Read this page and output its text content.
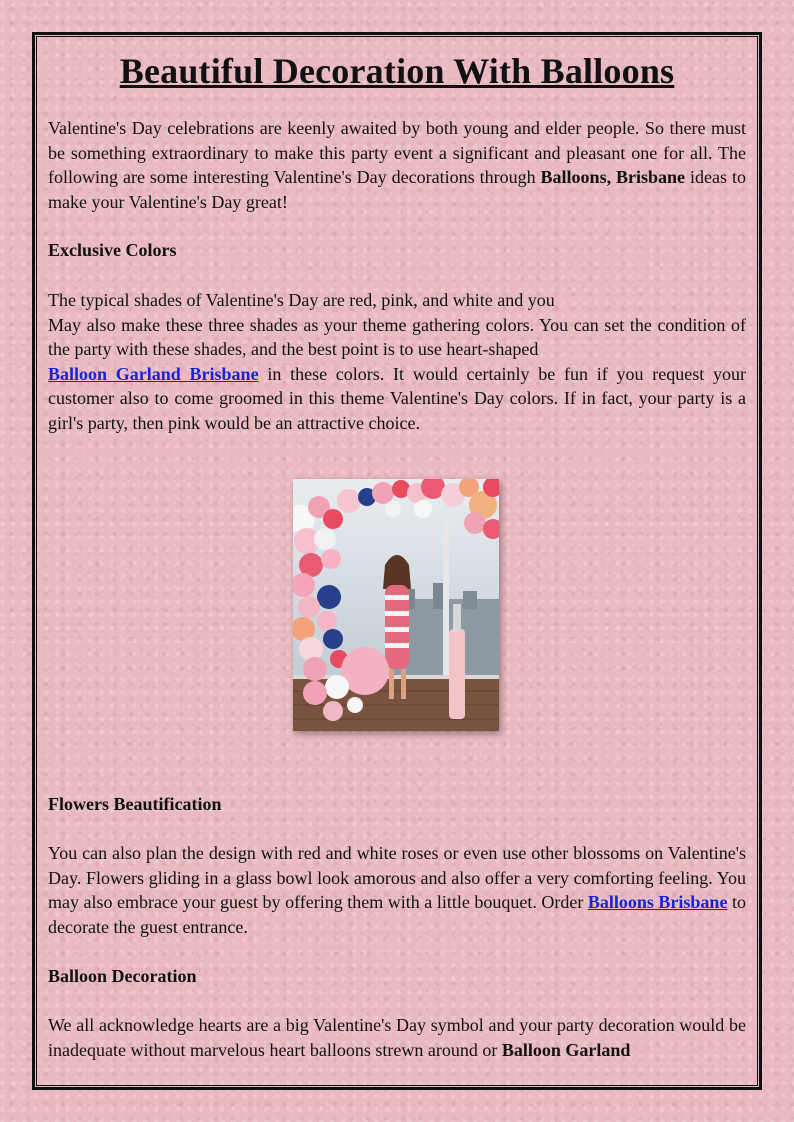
Beautiful Decoration With Balloons

Valentine's Day celebrations are keenly awaited by both young and elder people. So there must be something extraordinary to make this party event a significant and pleasant one for all. The following are some interesting Valentine's Day decorations through Balloons, Brisbane ideas to make your Valentine's Day great!

Exclusive Colors

The typical shades of Valentine's Day are red, pink, and white and you
May also make these three shades as your theme gathering colors. You can set the condition of the party with these shades, and the best point is to use heart-shaped
Balloon Garland Brisbane in these colors. It would certainly be fun if you request your customer also to come groomed in this theme Valentine's Day colors. If in fact, your party is a girl's party, then pink would be an attractive choice.

Flowers Beautification

You can also plan the design with red and white roses or even use other blossoms on Valentine's Day. Flowers gliding in a glass bowl look amorous and also offer a very comforting feeling. You may also embrace your guest by offering them with a little bouquet. Order Balloons Brisbane to decorate the guest entrance.

Balloon Decoration

We all acknowledge hearts are a big Valentine's Day symbol and your party decoration would be inadequate without marvelous heart balloons strewn around or Balloon Garland
